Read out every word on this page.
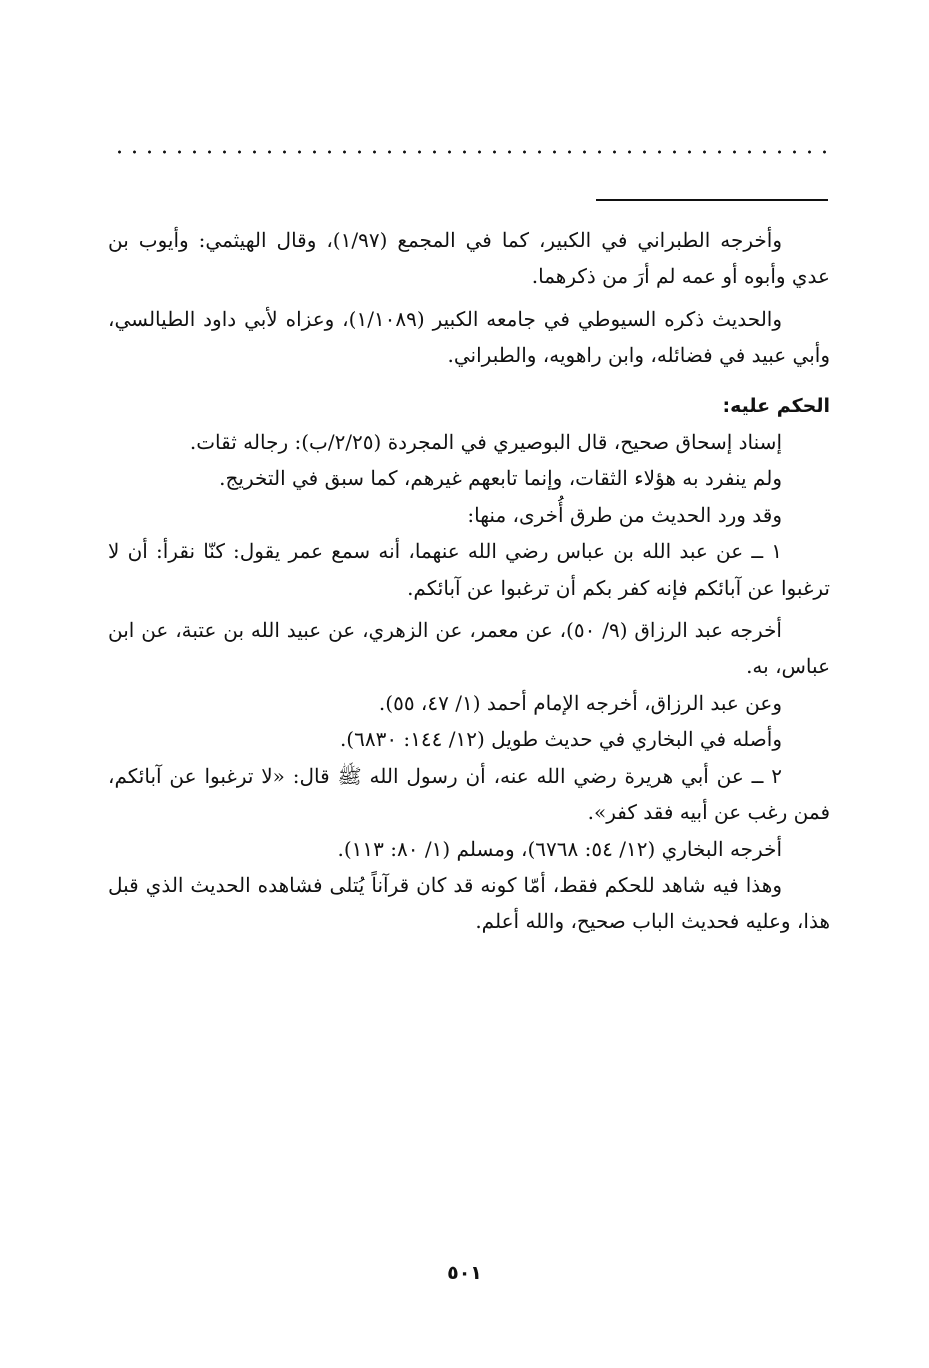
وأخرجه الطبراني في الكبير، كما في المجمع (١/٩٧)، وقال الهيثمي: وأيوب بن عدي وأبوه أو عمه لم أرَ من ذكرهما.

والحديث ذكره السيوطي في جامعه الكبير (١/١٠٨٩)، وعزاه لأبي داود الطيالسي، وأبي عبيد في فضائله، وابن راهويه، والطبراني.

الحكم عليه:

إسناد إسحاق صحيح، قال البوصيري في المجردة (٢/٢٥/ب): رجاله ثقات.

ولم ينفرد به هؤلاء الثقات، وإنما تابعهم غيرهم، كما سبق في التخريج.

وقد ورد الحديث من طرق أُخرى، منها:

١ ــ عن عبد الله بن عباس رضي الله عنهما، أنه سمع عمر يقول: كنّا نقرأ: أن لا ترغبوا عن آبائكم فإنه كفر بكم أن ترغبوا عن آبائكم.

أخرجه عبد الرزاق (٩/ ٥٠)، عن معمر، عن الزهري، عن عبيد الله بن عتبة، عن ابن عباس، به.

وعن عبد الرزاق، أخرجه الإمام أحمد (١/ ٤٧، ٥٥).

وأصله في البخاري في حديث طويل (١٢/ ١٤٤: ٦٨٣٠).

٢ ــ عن أبي هريرة رضي الله عنه، أن رسول الله ﷺ قال: «لا ترغبوا عن آبائكم، فمن رغب عن أبيه فقد كفر».

أخرجه البخاري (١٢/ ٥٤: ٦٧٦٨)، ومسلم (١/ ٨٠: ١١٣).

وهذا فيه شاهد للحكم فقط، أمّا كونه قد كان قرآناً يُتلى فشاهده الحديث الذي قبل هذا، وعليه فحديث الباب صحيح، والله أعلم.

٥٠١
